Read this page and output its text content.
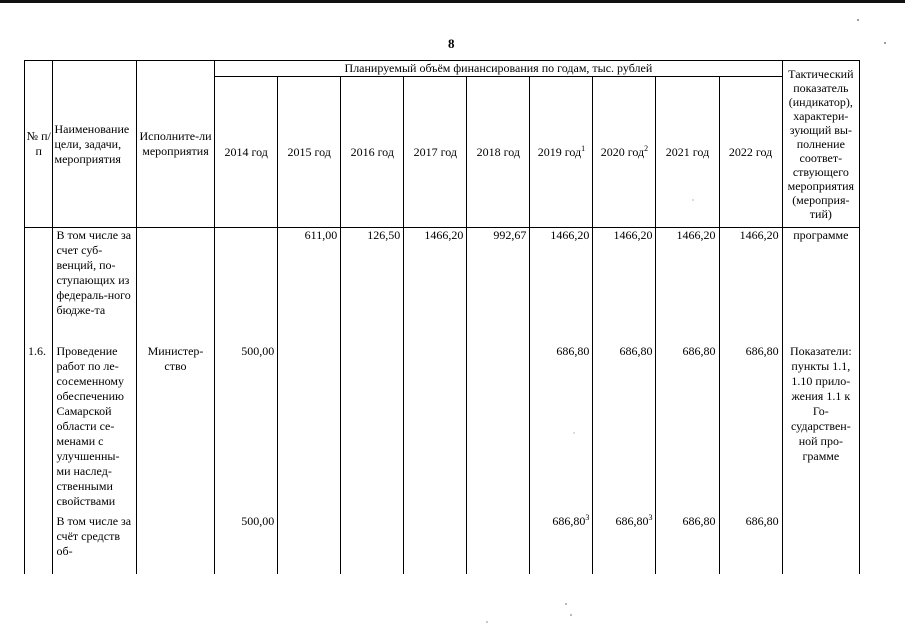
8
№ п/п	Наименование цели, задачи, мероприятия	Исполните-ли мероприятия	Планируемый объём финансирования по годам, тыс. рублей									Тактический показатель (индикатор), характери-зующий вы-полнение соответ-ствующего мероприятия (мероприя-тий)
			2014 год	2015 год	2016 год	2017 год	2018 год	2019 год$^1$	2020 год$^2$	2021 год	2022 год	
	В том числе за счет суб-венций, по-ступающих из федераль-ного бюдже-та			611,00	126,50	1466,20	992,67	1466,20	1466,20	1466,20	1466,20	программе
1.6.	Проведение работ по ле-сосеменному обеспечению Самарской области се-менами с улучшенны-ми наслед-ственными свойствами	Министер-ство	500,00					686,80	686,80	686,80	686,80	Показатели: пункты 1.1, 1.10 прило-жения 1.1 к Го-сударствен-ной про-грамме
	В том числе за счёт средств об-		500,00					686,80$^3$	686,80$^3$	686,80	686,80	
